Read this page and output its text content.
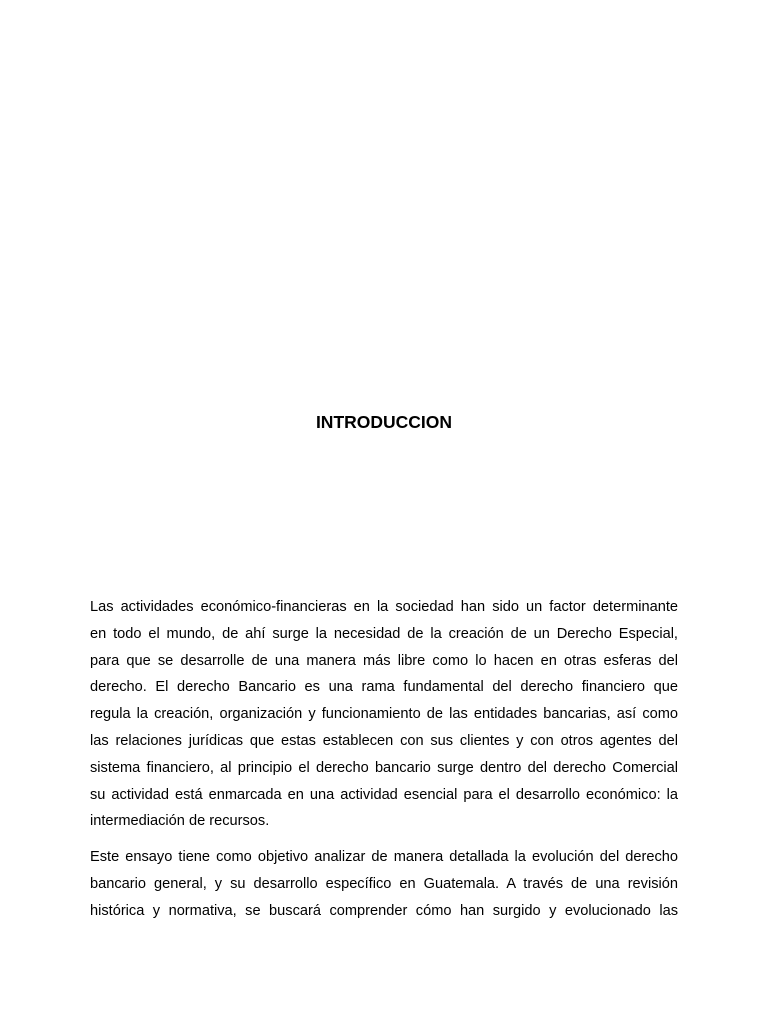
INTRODUCCION

Las actividades económico-financieras en la sociedad han sido un factor determinante
en todo el mundo, de ahí surge la necesidad de la creación de un Derecho Especial,
para que se desarrolle de una manera más libre como lo hacen en otras esferas del
derecho. El derecho Bancario es una rama fundamental del derecho financiero que
regula la creación, organización y funcionamiento de las entidades bancarias, así como
las relaciones jurídicas que estas establecen con sus clientes y con otros agentes del
sistema financiero, al principio el derecho bancario surge dentro del derecho Comercial
su actividad está enmarcada en una actividad esencial para el desarrollo económico: la
intermediación de recursos.

Este ensayo tiene como objetivo analizar de manera detallada la evolución del derecho
bancario general, y su desarrollo específico en Guatemala. A través de una revisión
histórica y normativa, se buscará comprender cómo han surgido y evolucionado las
